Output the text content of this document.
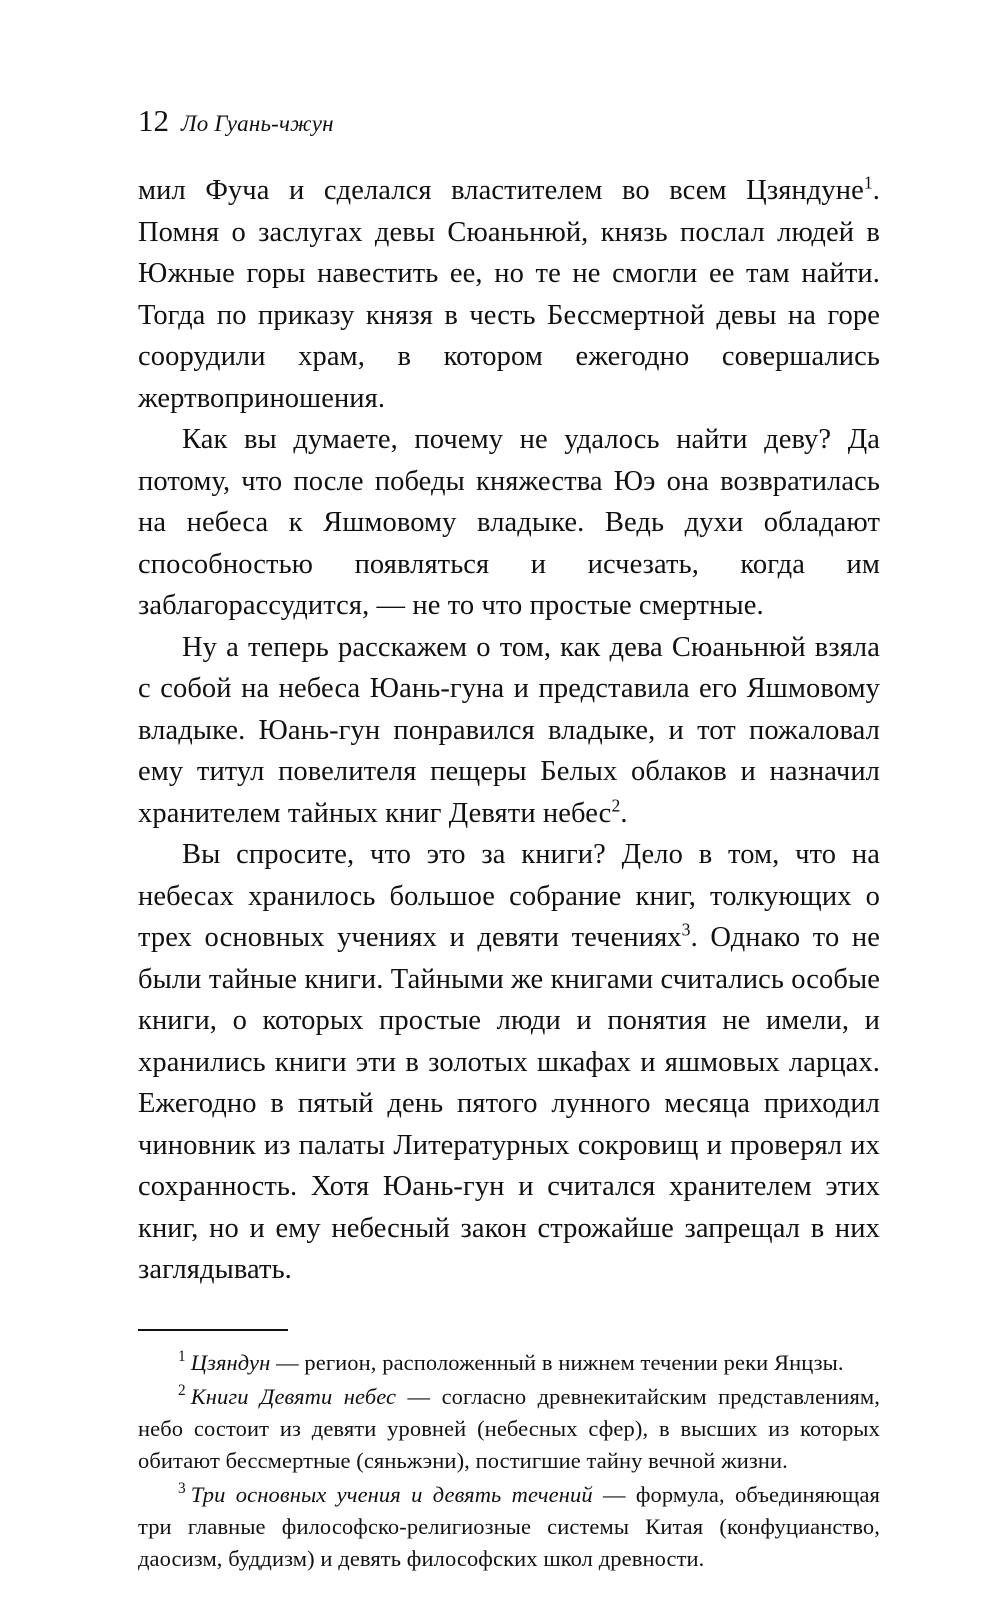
12 Ло Гуань-чжун

мил Фуча и сделался властителем во всем Цзяндуне$^1$. Помня о заслугах девы Сюаньнюй, князь послал людей в Южные горы навестить ее, но те не смогли ее там найти. Тогда по приказу князя в честь Бессмертной девы на горе соорудили храм, в котором ежегодно совершались жертвоприношения.

Как вы думаете, почему не удалось найти деву? Да потому, что после победы княжества Юэ она возвратилась на небеса к Яшмовому владыке. Ведь духи обладают способностью появляться и исчезать, когда им заблагорассудится, — не то что простые смертные.

Ну а теперь расскажем о том, как дева Сюаньнюй взяла с собой на небеса Юань-гуна и представила его Яшмовому владыке. Юань-гун понравился владыке, и тот пожаловал ему титул повелителя пещеры Белых облаков и назначил хранителем тайных книг Девяти небес$^2$.

Вы спросите, что это за книги? Дело в том, что на небесах хранилось большое собрание книг, толкующих о трех основных учениях и девяти течениях$^3$. Однако то не были тайные книги. Тайными же книгами считались особые книги, о которых простые люди и понятия не имели, и хранились книги эти в золотых шкафах и яшмовых ларцах. Ежегодно в пятый день пятого лунного месяца приходил чиновник из палаты Литературных сокровищ и проверял их сохранность. Хотя Юань-гун и считался хранителем этих книг, но и ему небесный закон строжайше запрещал в них заглядывать.

$^1$ Цзяндун — регион, расположенный в нижнем течении реки Янцзы.

$^2$ Книги Девяти небес — согласно древнекитайским представлениям, небо состоит из девяти уровней (небесных сфер), в высших из которых обитают бессмертные (сяньжэни), постигшие тайну вечной жизни.

$^3$ Три основных учения и девять течений — формула, объединяющая три главные философско-религиозные системы Китая (конфуцианство, даосизм, буддизм) и девять философских школ древности.
